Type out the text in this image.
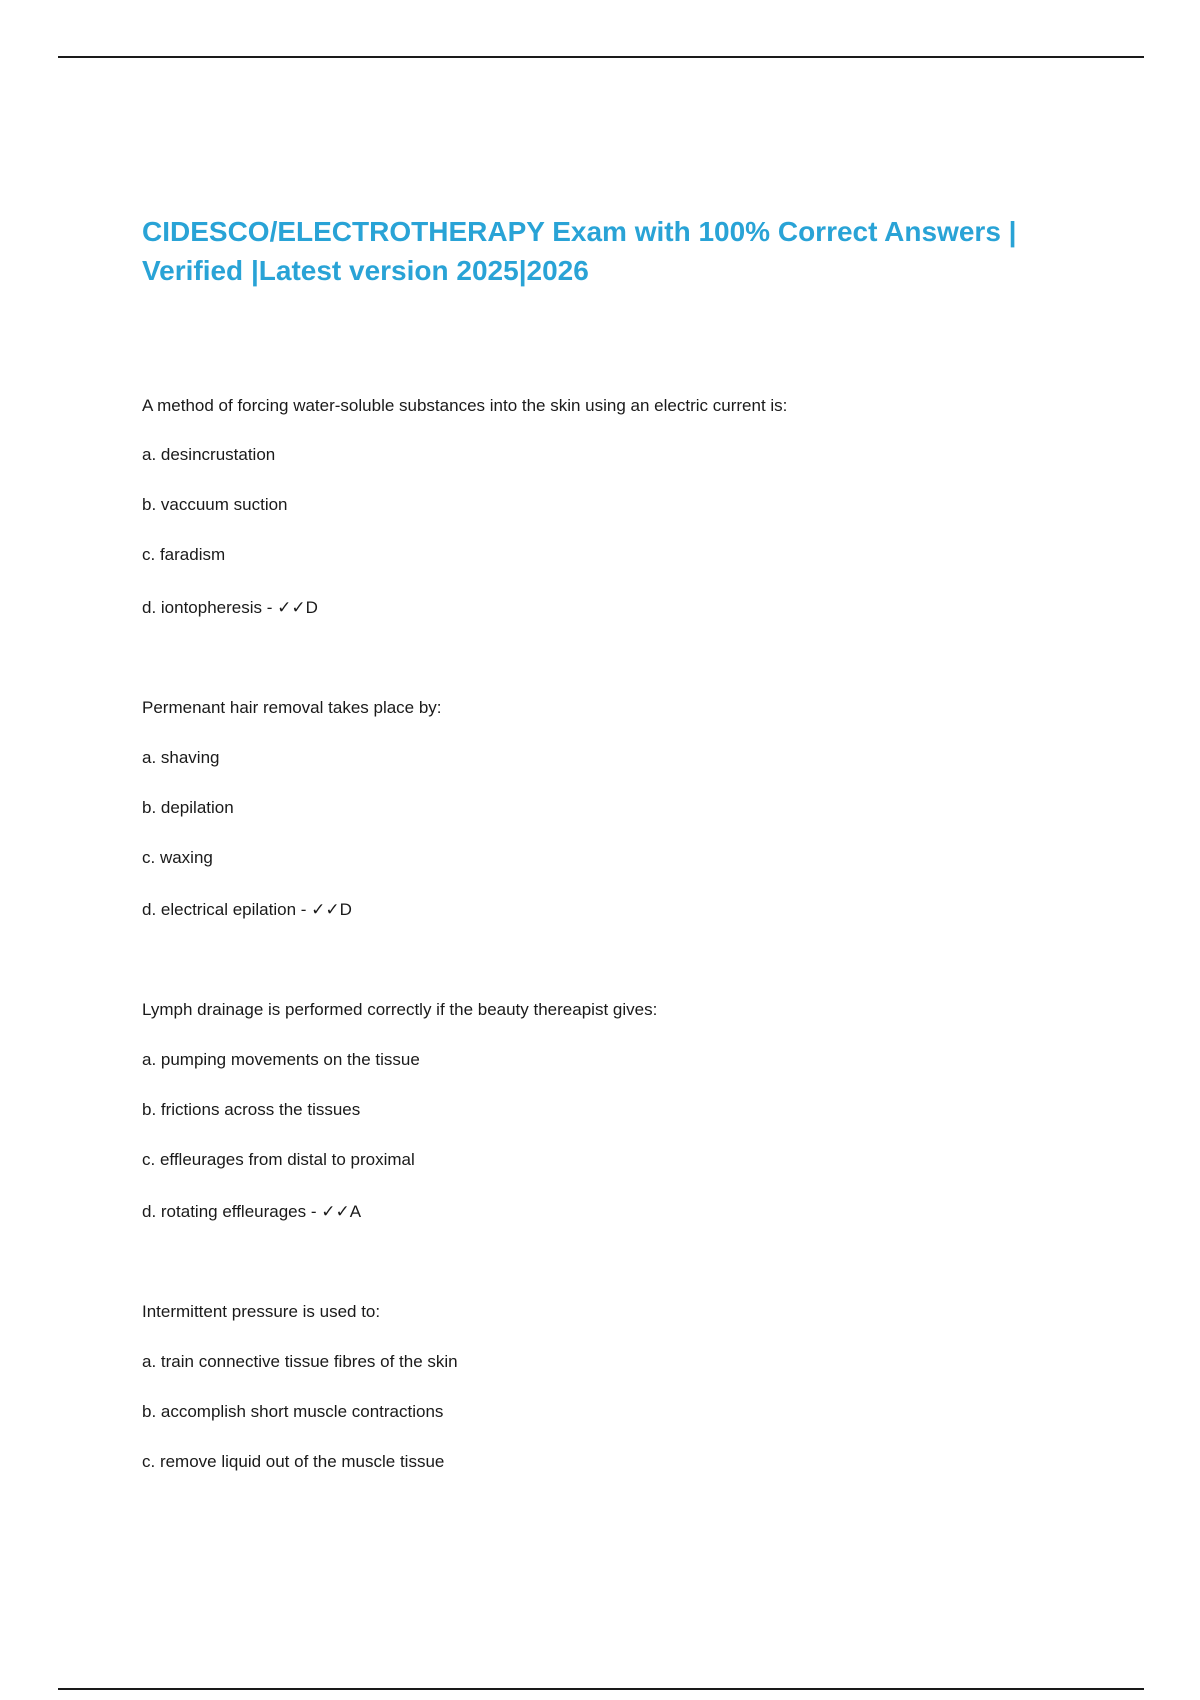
CIDESCO/ELECTROTHERAPY Exam with 100% Correct Answers |
Verified |Latest version 2025|2026

A method of forcing water-soluble substances into the skin using an electric current is:

a. desincrustation

b. vaccuum suction

c. faradism

d. iontopheresis - ✓✓D

Permenant hair removal takes place by:

a. shaving

b. depilation

c. waxing

d. electrical epilation - ✓✓D

Lymph drainage is performed correctly if the beauty thereapist gives:

a. pumping movements on the tissue

b. frictions across the tissues

c. effleurages from distal to proximal

d. rotating effleurages - ✓✓A

Intermittent pressure is used to:

a. train connective tissue fibres of the skin

b. accomplish short muscle contractions

c. remove liquid out of the muscle tissue
